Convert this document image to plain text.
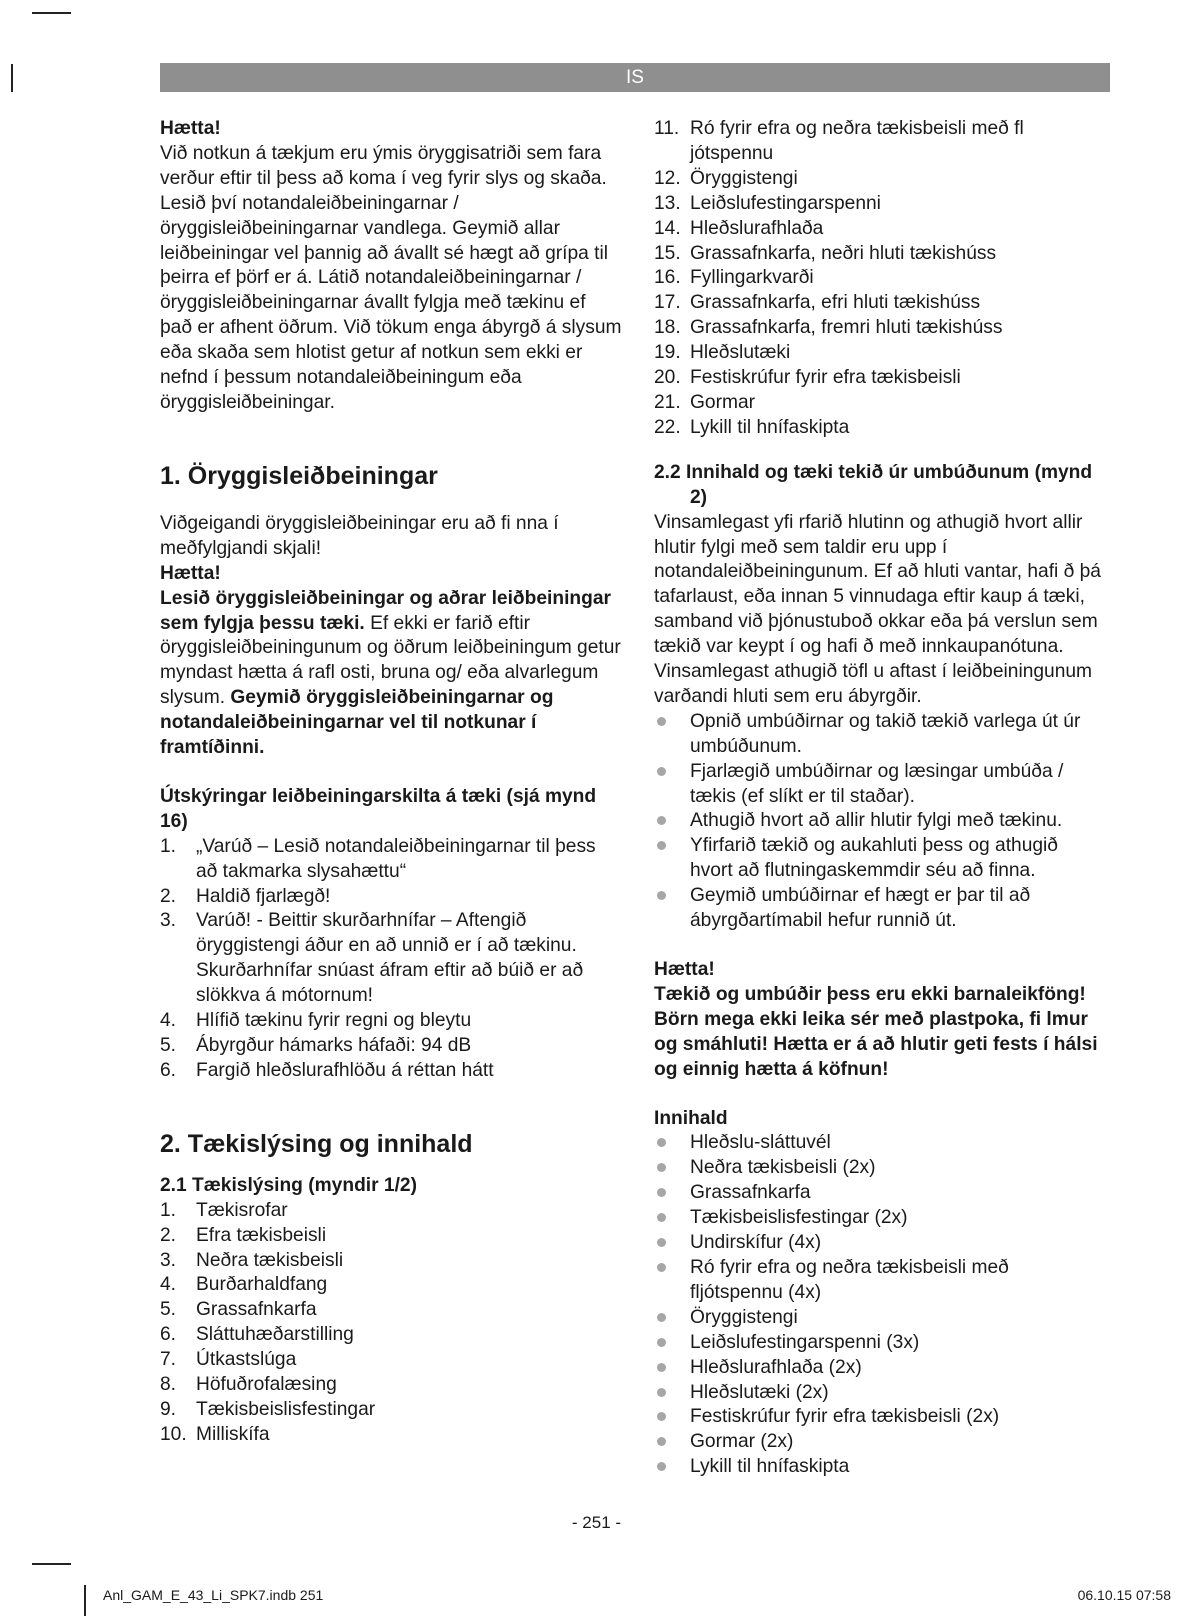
IS

Hætta!

Við notkun á tækjum eru ýmis öryggisatriði sem fara verður eftir til þess að koma í veg fyrir slys og skaða. Lesið því notandaleiðbeiningarnar / öryggisleiðbeiningarnar vandlega. Geymið allar leiðbeiningar vel þannig að ávallt sé hægt að grípa til þeirra ef þörf er á. Látið notandaleiðbeiningarnar / öryggisleiðbeiningarnar ávallt fylgja með tækinu ef það er afhent öðrum. Við tökum enga ábyrgð á slysum eða skaða sem hlotist getur af notkun sem ekki er nefnd í þessum notandaleiðbeiningum eða öryggisleiðbeiningar.

1. Öryggisleiðbeiningar

Viðgeigandi öryggisleiðbeiningar eru að fi nna í meðfylgjandi skjali!

Hætta!

Lesið öryggisleiðbeiningar og aðrar leiðbeiningar sem fylgja þessu tæki. Ef ekki er farið eftir öryggisleiðbeiningunum og öðrum leiðbeiningum getur myndast hætta á rafl osti, bruna og/ eða alvarlegum slysum. Geymið öryggisleiðbeiningarnar og notandaleiðbeiningarnar vel til notkunar í framtíðinni.

Útskýringar leiðbeiningarskilta á tæki (sjá mynd 16)

1. „Varúð – Lesið notandaleiðbeiningarnar til þess að takmarka slysahættu“
2. Haldið fjarlægð!
3. Varúð! - Beittir skurðarhnífar – Aftengið öryggistengi áður en að unnið er í að tækinu. Skurðarhnífar snúast áfram eftir að búið er að slökkva á mótornum!
4. Hlífið tækinu fyrir regni og bleytu
5. Ábyrgður hámarks háfaði: 94 dB
6. Fargið hleðslurafhlöðu á réttan hátt

2. Tækislýsing og innihald

2.1 Tækislýsing (myndir 1/2)

1. Tækisrofar
2. Efra tækisbeisli
3. Neðra tækisbeisli
4. Burðarhaldfang
5. Grassafnkarfa
6. Sláttuhæðarstilling
7. Útkastslúga
8. Höfuðrofalæsing
9. Tækisbeislisfestingar
10. Milliskífa
11. Ró fyrir efra og neðra tækisbeisli með fl jótspennu
12. Öryggistengi
13. Leiðslufestingarspenni
14. Hleðslurafhlaða
15. Grassafnkarfa, neðri hluti tækishúss
16. Fyllingarkvarði
17. Grassafnkarfa, efri hluti tækishúss
18. Grassafnkarfa, fremri hluti tækishúss
19. Hleðslutæki
20. Festiskrúfur fyrir efra tækisbeisli
21. Gormar
22. Lykill til hnífaskipta

2.2 Innihald og tæki tekið úr umbúðunum (mynd 2)

Vinsamlegast yfi rfarið hlutinn og athugið hvort allir hlutir fylgi með sem taldir eru upp í notandaleiðbeiningunum. Ef að hluti vantar, hafi ð þá tafarlaust, eða innan 5 vinnudaga eftir kaup á tæki, samband við þjónustuboð okkar eða þá verslun sem tækið var keypt í og hafi ð með innkaupanótuna. Vinsamlegast athugið töfl u aftast í leiðbeiningunum varðandi hluti sem eru ábyrgðir.

Opnið umbúðirnar og takið tækið varlega út úr umbúðunum.
Fjarlægið umbúðirnar og læsingar umbúða / tækis (ef slíkt er til staðar).
Athugið hvort að allir hlutir fylgi með tækinu.
Yfirfarið tækið og aukahluti þess og athugið hvort að flutningaskemmdir séu að finna.
Geymið umbúðirnar ef hægt er þar til að ábyrgðartímabil hefur runnið út.

Hætta!

Tækið og umbúðir þess eru ekki barnaleikföng! Börn mega ekki leika sér með plastpoka, fi lmur og smáhluti! Hætta er á að hlutir geti fests í hálsi og einnig hætta á köfnun!

Innihald

Hleðslu-sláttuvél
Neðra tækisbeisli (2x)
Grassafnkarfa
Tækisbeislisfestingar (2x)
Undirskífur (4x)
Ró fyrir efra og neðra tækisbeisli með fljótspennu (4x)
Öryggistengi
Leiðslufestingarspenni (3x)
Hleðslurafhlaða (2x)
Hleðslutæki (2x)
Festiskrúfur fyrir efra tækisbeisli (2x)
Gormar (2x)
Lykill til hnífaskipta
- 251 -
Anl_GAM_E_43_Li_SPK7.indb 251	06.10.15 07:58
